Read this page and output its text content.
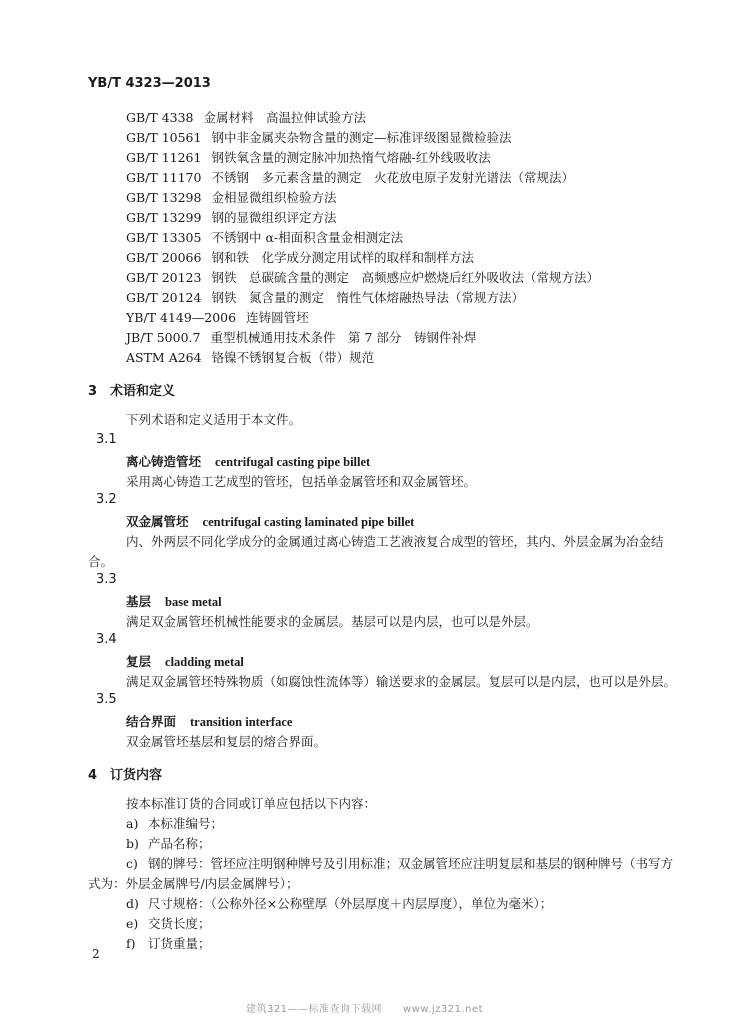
YB/T 4323—2013
GB/T 4338 金属材料　高温拉伸试验方法
GB/T 10561 钢中非金属夹杂物含量的测定—标准评级图显微检验法
GB/T 11261 钢铁氧含量的测定脉冲加热惰气熔融-红外线吸收法
GB/T 11170 不锈钢　多元素含量的测定　火花放电原子发射光谱法（常规法）
GB/T 13298 金相显微组织检验方法
GB/T 13299 钢的显微组织评定方法
GB/T 13305 不锈钢中 α-相面积含量金相测定法
GB/T 20066 钢和铁　化学成分测定用试样的取样和制样方法
GB/T 20123 钢铁　总碳硫含量的测定　高频感应炉燃烧后红外吸收法（常规方法）
GB/T 20124 钢铁　氮含量的测定　惰性气体熔融热导法（常规方法）
YB/T 4149—2006 连铸圆管坯
JB/T 5000.7 重型机械通用技术条件　第 7 部分　铸钢件补焊
ASTM A264 铬镍不锈钢复合板（带）规范
3 术语和定义
下列术语和定义适用于本文件。
3.1
离心铸造管坯 centrifugal casting pipe billet
采用离心铸造工艺成型的管坯，包括单金属管坯和双金属管坯。
3.2
双金属管坯 centrifugal casting laminated pipe billet
内、外两层不同化学成分的金属通过离心铸造工艺液液复合成型的管坯，其内、外层金属为冶金结
合。
3.3
基层 base metal
满足双金属管坯机械性能要求的金属层。基层可以是内层，也可以是外层。
3.4
复层 cladding metal
满足双金属管坯特殊物质（如腐蚀性流体等）输送要求的金属层。复层可以是内层，也可以是外层。
3.5
结合界面 transition interface
双金属管坯基层和复层的熔合界面。
4 订货内容
按本标准订货的合同或订单应包括以下内容：
a) 本标准编号；
b) 产品名称；
c) 钢的牌号：管坯应注明钢种牌号及引用标准；双金属管坯应注明复层和基层的钢种牌号（书写方
式为：外层金属牌号/内层金属牌号）；
d) 尺寸规格：（公称外径×公称壁厚（外层厚度＋内层厚度），单位为毫米）；
e) 交货长度；
f) 订货重量；
2
建筑321——标准查询下载网　　www.jz321.net
